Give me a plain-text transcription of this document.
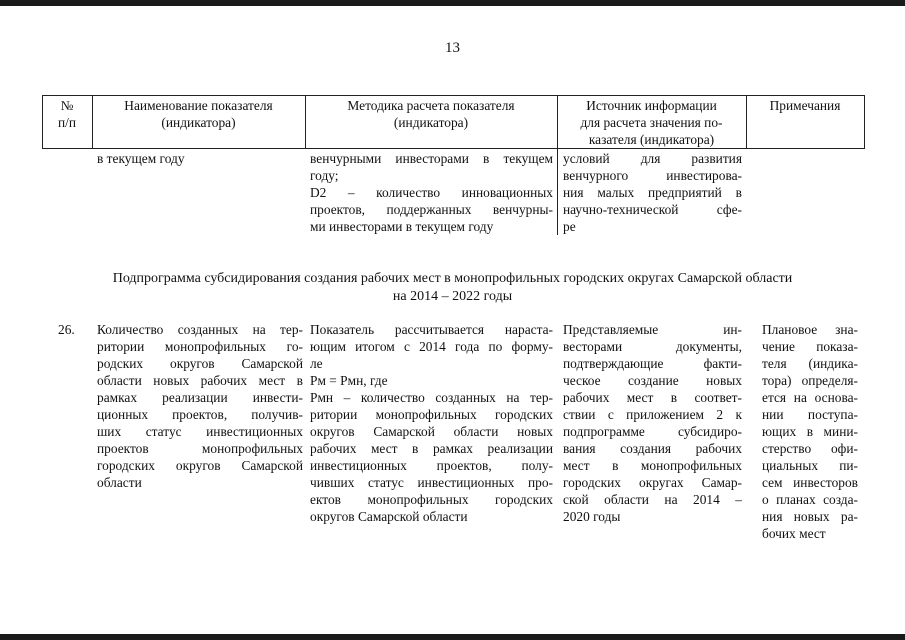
13
№
п/п
Наименование показателя
(индикатора)
Методика расчета показателя
(индикатора)
Источник информации
для расчета значения по-
казателя (индикатора)
Примечания
в текущем году	венчурными инвесторами в текущем
году;
D2 – количество инновационных
проектов, поддержанных венчурны-
ми инвесторами в текущем году
условий для развития
венчурного инвестирова-
ния малых предприятий в
научно-технической сфе-
ре
Подпрограмма субсидирования создания рабочих мест в монопрофильных городских округах Самарской области
на 2014 – 2022 годы
26. Количество созданных на тер-
ритории монопрофильных го-
родских округов Самарской
области новых рабочих мест в
рамках реализации инвести-
ционных проектов, получив-
ших статус инвестиционных
проектов монопрофильных
городских округов Самарской
области
Показатель рассчитывается нараста-
ющим итогом с 2014 года по форму-
ле
Рм = Рмн, где
Рмн – количество созданных на тер-
ритории монопрофильных городских
округов Самарской области новых
рабочих мест в рамках реализации
инвестиционных проектов, полу-
чивших статус инвестиционных про-
ектов монопрофильных городских
округов Самарской области
Представляемые ин-
весторами документы,
подтверждающие факти-
ческое создание новых
рабочих мест в соответ-
ствии с приложением 2 к
подпрограмме субсидиро-
вания создания рабочих
мест в монопрофильных
городских округах Самар-
ской области на 2014 –
2020 годы
Плановое зна-
чение показа-
теля (индика-
тора) определя-
ется на основа-
нии поступа-
ющих в мини-
стерство офи-
циальных пи-
сем инвесторов
о планах созда-
ния новых ра-
бочих мест
